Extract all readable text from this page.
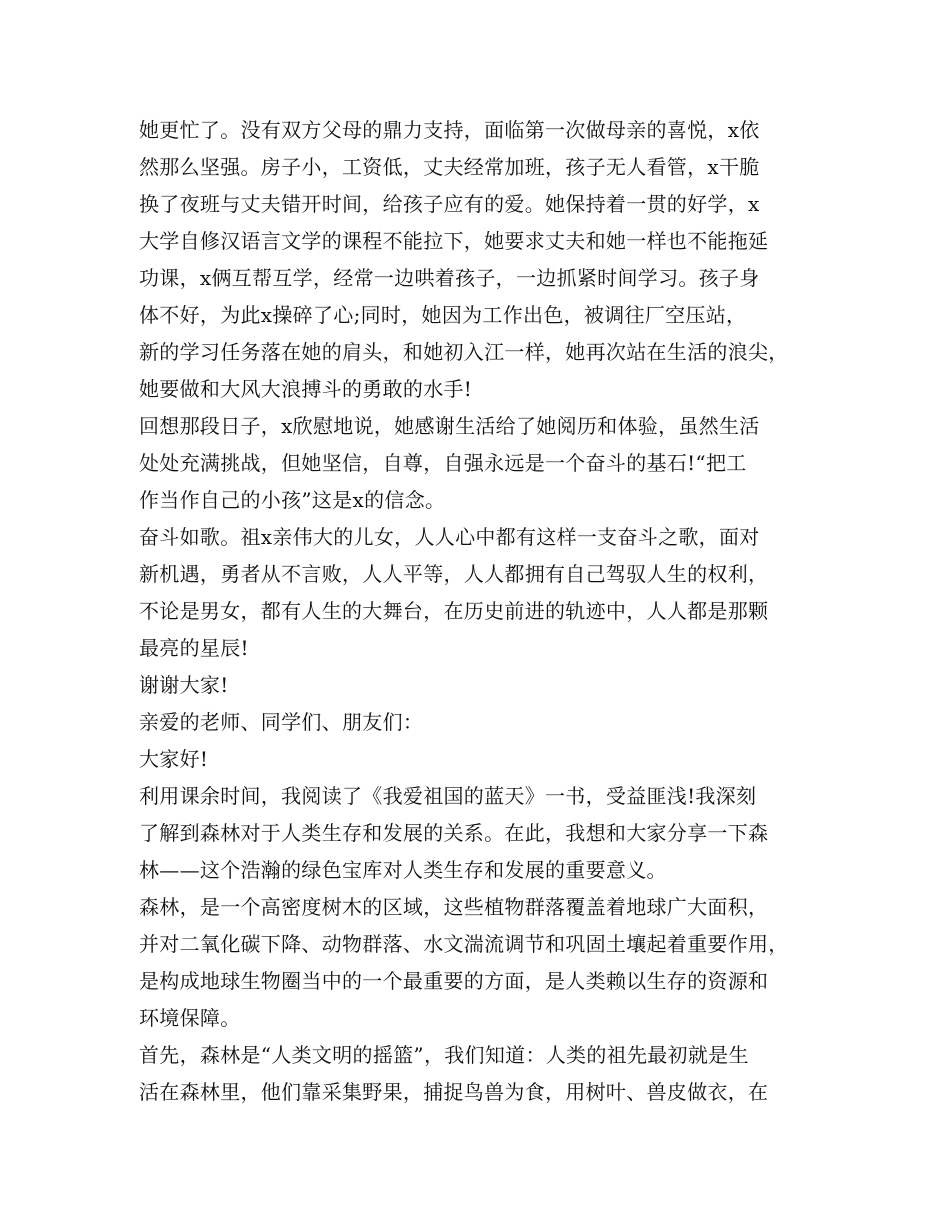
她更忙了。没有双方父母的鼎力支持，面临第一次做母亲的喜悦，x依
然那么坚强。房子小，工资低，丈夫经常加班，孩子无人看管，x干脆
换了夜班与丈夫错开时间，给孩子应有的爱。她保持着一贯的好学，x
大学自修汉语言文学的课程不能拉下，她要求丈夫和她一样也不能拖延
功课，x俩互帮互学，经常一边哄着孩子，一边抓紧时间学习。孩子身
体不好，为此x操碎了心;同时，她因为工作出色，被调往厂空压站，
新的学习任务落在她的肩头，和她初入江一样，她再次站在生活的浪尖，
她要做和大风大浪搏斗的勇敢的水手!
回想那段日子，x欣慰地说，她感谢生活给了她阅历和体验，虽然生活
处处充满挑战，但她坚信，自尊，自强永远是一个奋斗的基石!“把工
作当作自己的小孩”这是x的信念。
奋斗如歌。祖x亲伟大的儿女，人人心中都有这样一支奋斗之歌，面对
新机遇，勇者从不言败，人人平等，人人都拥有自己驾驭人生的权利，
不论是男女，都有人生的大舞台，在历史前进的轨迹中，人人都是那颗
最亮的星辰!
谢谢大家!
亲爱的老师、同学们、朋友们：
大家好!
利用课余时间，我阅读了《我爱祖国的蓝天》一书，受益匪浅!我深刻
了解到森林对于人类生存和发展的关系。在此，我想和大家分享一下森
林——这个浩瀚的绿色宝库对人类生存和发展的重要意义。
森林，是一个高密度树木的区域，这些植物群落覆盖着地球广大面积，
并对二氧化碳下降、动物群落、水文湍流调节和巩固土壤起着重要作用，
是构成地球生物圈当中的一个最重要的方面，是人类赖以生存的资源和
环境保障。
首先，森林是“人类文明的摇篮”，我们知道：人类的祖先最初就是生
活在森林里，他们靠采集野果，捕捉鸟兽为食，用树叶、兽皮做衣，在
